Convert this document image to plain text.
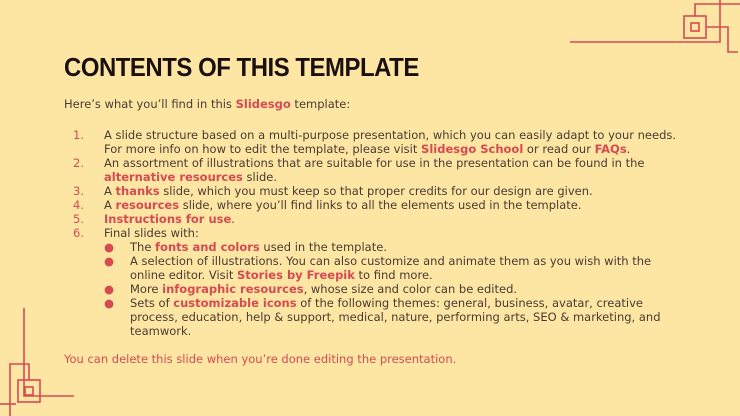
CONTENTS OF THIS TEMPLATE
Here’s what you’ll find in this Slidesgo template:
1. A slide structure based on a multi-purpose presentation, which you can easily adapt to your needs. For more info on how to edit the template, please visit Slidesgo School or read our FAQs.
2. An assortment of illustrations that are suitable for use in the presentation can be found in the alternative resources slide.
3. A thanks slide, which you must keep so that proper credits for our design are given.
4. A resources slide, where you’ll find links to all the elements used in the template.
5. Instructions for use.
6. Final slides with:
● The fonts and colors used in the template.
● A selection of illustrations. You can also customize and animate them as you wish with the online editor. Visit Stories by Freepik to find more.
● More infographic resources, whose size and color can be edited.
● Sets of customizable icons of the following themes: general, business, avatar, creative process, education, help & support, medical, nature, performing arts, SEO & marketing, and teamwork.
You can delete this slide when you’re done editing the presentation.
